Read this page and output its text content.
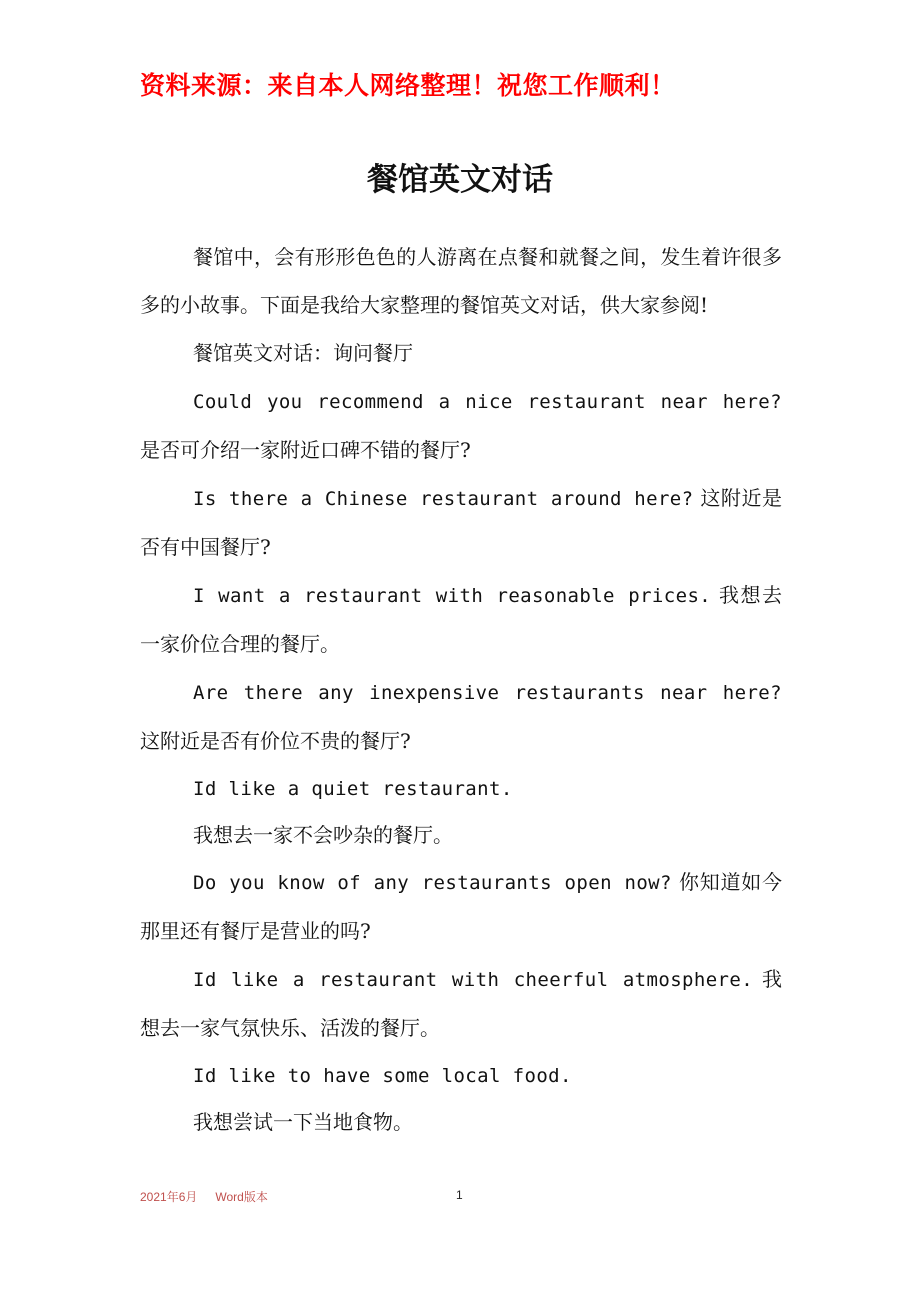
资料来源：来自本人网络整理！祝您工作顺利！
餐馆英文对话

餐馆中，会有形形色色的人游离在点餐和就餐之间，发生着许很多多的小故事。下面是我给大家整理的餐馆英文对话，供大家参阅!

餐馆英文对话：询问餐厅

Could you recommend a nice restaurant near here? 是否可介绍一家附近口碑不错的餐厅?

Is there a Chinese restaurant around here? 这附近是否有中国餐厅?

I want a restaurant with reasonable prices. 我想去一家价位合理的餐厅。

Are there any inexpensive restaurants near here? 这附近是否有价位不贵的餐厅?

Id like a quiet restaurant.

我想去一家不会吵杂的餐厅。

Do you know of any restaurants open now? 你知道如今那里还有餐厅是营业的吗?

Id like a restaurant with cheerful atmosphere. 我想去一家气氛快乐、活泼的餐厅。

Id like to have some local food.

我想尝试一下当地食物。

2021年6月 Word版本	1
